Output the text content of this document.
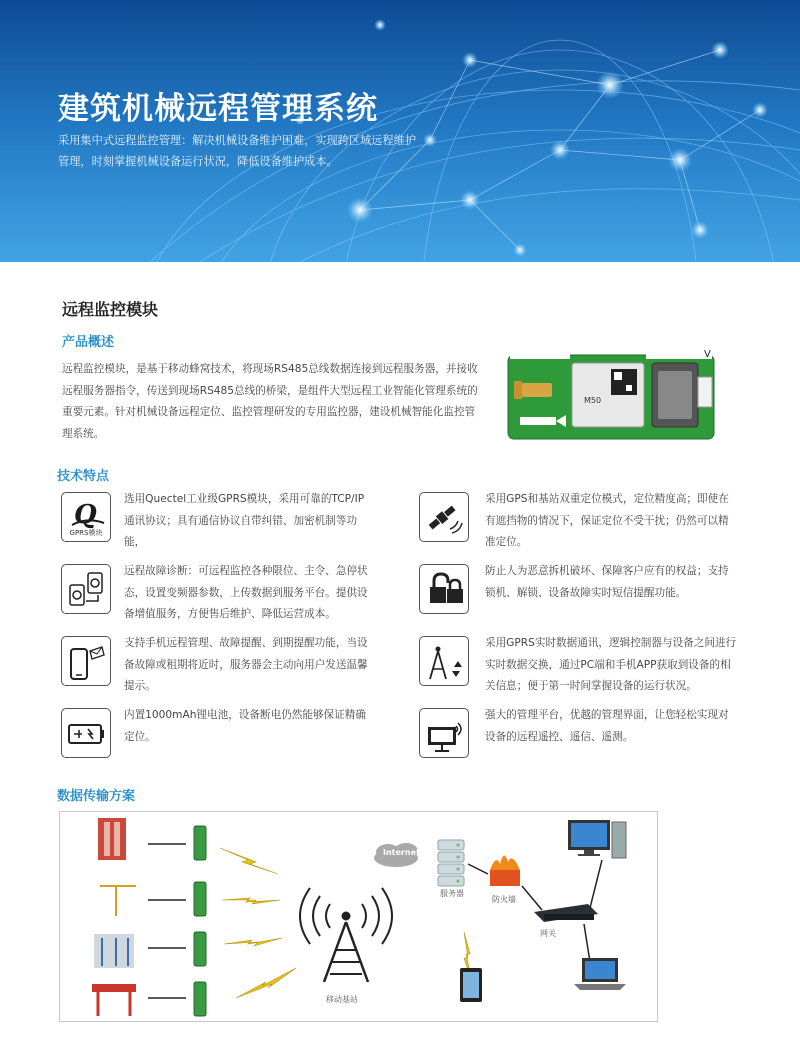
建筑机械远程管理系统
采用集中式远程监控管理：解决机械设备维护困难，实现跨区域远程维护管理，时刻掌握机械设备运行状况，降低设备维护成本。
远程监控模块
产品概述
远程监控模块，是基于移动蜂窝技术，将现场RS485总线数据连接到远程服务器，并接收远程服务器指令，传送到现场RS485总线的桥梁，是组件大型远程工业智能化管理系统的重要元素。针对机械设备远程定位、监控管理研发的专用监控器，建设机械智能化监控管理系统。
V
M50
技术特点
Q
GPRS模块
选用Quectel工业级GPRS模块，采用可靠的TCP/IP通讯协议；具有通信协议自带纠错、加密机制等功能，
采用GPS和基站双重定位模式，定位精度高；即使在有遮挡物的情况下，保证定位不受干扰；仍然可以精准定位。
远程故障诊断：可远程监控各种限位、主令、急停状态，设置变频器参数，上传数据到服务平台。提供设备增值服务，方便售后维护、降低运营成本。
防止人为恶意拆机破坏、保障客户应有的权益；支持锁机、解锁、设备故障实时短信提醒功能。
支持手机远程管理、故障提醒、到期提醒功能，当设备故障或租期将近时，服务器会主动向用户发送温馨提示。
采用GPRS实时数据通讯，逻辑控制器与设备之间进行实时数据交换，通过PC端和手机APP获取到设备的相关信息；便于第一时间掌握设备的运行状况。
内置1000mAh锂电池，设备断电仍然能够保证精确定位。
强大的管理平台，优越的管理界面，让您轻松实现对设备的远程遥控、遥信、遥测。
数据传输方案
Internet
服务器
防火墙
网关
移动基站
